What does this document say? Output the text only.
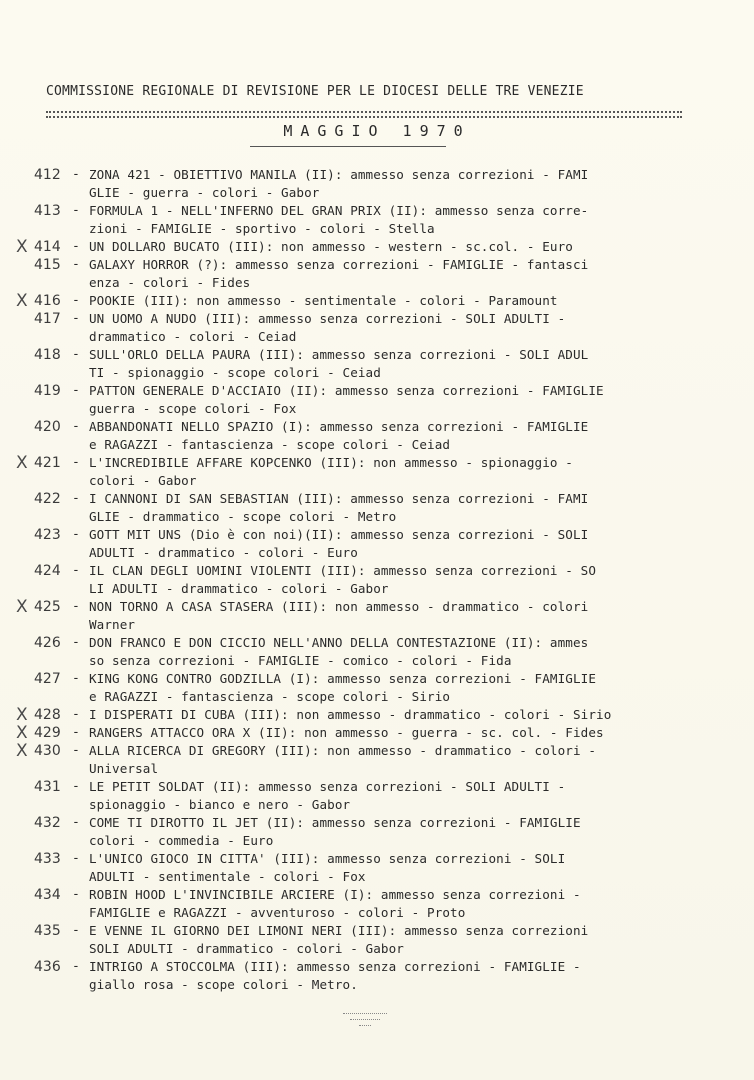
COMMISSIONE REGIONALE DI REVISIONE PER LE DIOCESI DELLE TRE VENEZIE
MAGGIO 1970
412 - ZONA 421 - OBIETTIVO MANILA (II): ammesso senza correzioni - FAMI
GLIE - guerra - colori - Gabor
413 - FORMULA 1 - NELL'INFERNO DEL GRAN PRIX (II): ammesso senza corre-
zioni - FAMIGLIE - sportivo - colori - Stella
X 414 - UN DOLLARO BUCATO (III): non ammesso - western - sc.col. - Euro
415 - GALAXY HORROR (?): ammesso senza correzioni - FAMIGLIE - fantasci
enza - colori - Fides
X 416 - POOKIE (III): non ammesso - sentimentale - colori - Paramount
417 - UN UOMO A NUDO (III): ammesso senza correzioni - SOLI ADULTI -
drammatico - colori - Ceiad
418 - SULL'ORLO DELLA PAURA (III): ammesso senza correzioni - SOLI ADUL
TI - spionaggio - scope colori - Ceiad
419 - PATTON GENERALE D'ACCIAIO (II): ammesso senza correzioni - FAMIGLIE
guerra - scope colori - Fox
420 - ABBANDONATI NELLO SPAZIO (I): ammesso senza correzioni - FAMIGLIE
e RAGAZZI - fantascienza - scope colori - Ceiad
X 421 - L'INCREDIBILE AFFARE KOPCENKO (III): non ammesso - spionaggio -
colori - Gabor
422 - I CANNONI DI SAN SEBASTIAN (III): ammesso senza correzioni - FAMI
GLIE - drammatico - scope colori - Metro
423 - GOTT MIT UNS (Dio è con noi)(II): ammesso senza correzioni - SOLI
ADULTI - drammatico - colori - Euro
424 - IL CLAN DEGLI UOMINI VIOLENTI (III): ammesso senza correzioni - SO
LI ADULTI - drammatico - colori - Gabor
X 425 - NON TORNO A CASA STASERA (III): non ammesso - drammatico - colori
Warner
426 - DON FRANCO E DON CICCIO NELL'ANNO DELLA CONTESTAZIONE (II): ammes
so senza correzioni - FAMIGLIE - comico - colori - Fida
427 - KING KONG CONTRO GODZILLA (I): ammesso senza correzioni - FAMIGLIE
e RAGAZZI - fantascienza - scope colori - Sirio
X 428 - I DISPERATI DI CUBA (III): non ammesso - drammatico - colori - Sirio
X 429 - RANGERS ATTACCO ORA X (II): non ammesso - guerra - sc. col. - Fides
X 430 - ALLA RICERCA DI GREGORY (III): non ammesso - drammatico - colori -
Universal
431 - LE PETIT SOLDAT (II): ammesso senza correzioni - SOLI ADULTI -
spionaggio - bianco e nero - Gabor
432 - COME TI DIROTTO IL JET (II): ammesso senza correzioni - FAMIGLIE
colori - commedia - Euro
433 - L'UNICO GIOCO IN CITTA' (III): ammesso senza correzioni - SOLI
ADULTI - sentimentale - colori - Fox
434 - ROBIN HOOD L'INVINCIBILE ARCIERE (I): ammesso senza correzioni -
FAMIGLIE e RAGAZZI - avventuroso - colori - Proto
435 - E VENNE IL GIORNO DEI LIMONI NERI (III): ammesso senza correzioni
SOLI ADULTI - drammatico - colori - Gabor
436 - INTRIGO A STOCCOLMA (III): ammesso senza correzioni - FAMIGLIE -
giallo rosa - scope colori - Metro.
